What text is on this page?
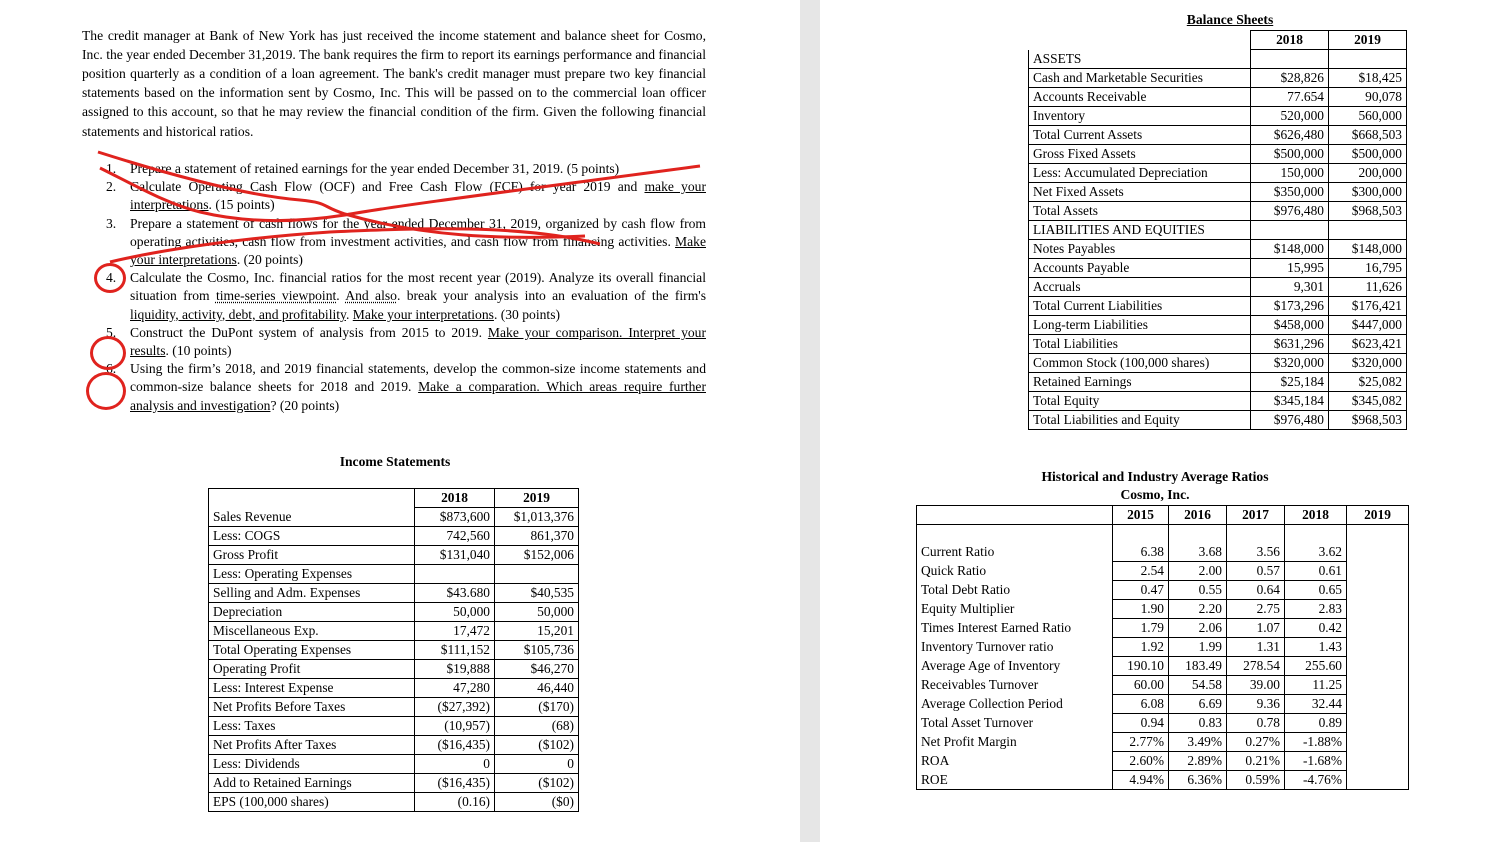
The credit manager at Bank of New York has just received the income statement and balance sheet for Cosmo, Inc. the year ended December 31,2019. The bank requires the firm to report its earnings performance and financial position quarterly as a condition of a loan agreement. The bank's credit manager must prepare two key financial statements based on the information sent by Cosmo, Inc. This will be passed on to the commercial loan officer assigned to this account, so that he may review the financial condition of the firm. Given the following financial statements and historical ratios.

1. Prepare a statement of retained earnings for the year ended December 31, 2019. (5 points)
2. Calculate Operating Cash Flow (OCF) and Free Cash Flow (FCF) for year 2019 and make your interpretations. (15 points)
3. Prepare a statement of cash flows for the year ended December 31, 2019, organized by cash flow from operating activities, cash flow from investment activities, and cash flow from financing activities. Make your interpretations. (20 points)
4. Calculate the Cosmo, Inc. financial ratios for the most recent year (2019). Analyze its overall financial situation from time-series viewpoint. And also. break your analysis into an evaluation of the firm's liquidity, activity, debt, and profitability. Make your interpretations. (30 points)
5. Construct the DuPont system of analysis from 2015 to 2019. Make your comparison. Interpret your results. (10 points)
6. Using the firm’s 2018, and 2019 financial statements, develop the common-size income statements and common-size balance sheets for 2018 and 2019. Make a comparation. Which areas require further analysis and investigation? (20 points)
Income Statements
	2018	2019
Sales Revenue	$873,600	$1,013,376
Less: COGS	742,560	861,370
Gross Profit	$131,040	$152,006
Less: Operating Expenses		
Selling and Adm. Expenses	$43.680	$40,535
Depreciation	50,000	50,000
Miscellaneous Exp.	17,472	15,201
Total Operating Expenses	$111,152	$105,736
Operating Profit	$19,888	$46,270
Less: Interest Expense	47,280	46,440
Net Profits Before Taxes	($27,392)	($170)
Less: Taxes	(10,957)	(68)
Net Profits After Taxes	($16,435)	($102)
Less: Dividends	0	0
Add to Retained Earnings	($16,435)	($102)
EPS (100,000 shares)	(0.16)	($0)
Balance Sheets
	2018	2019
ASSETS		
Cash and Marketable Securities	$28,826	$18,425
Accounts Receivable	77.654	90,078
Inventory	520,000	560,000
Total Current Assets	$626,480	$668,503
Gross Fixed Assets	$500,000	$500,000
Less: Accumulated Depreciation	150,000	200,000
Net Fixed Assets	$350,000	$300,000
Total Assets	$976,480	$968,503
LIABILITIES AND EQUITIES		
Notes Payables	$148,000	$148,000
Accounts Payable	15,995	16,795
Accruals	9,301	11,626
Total Current Liabilities	$173,296	$176,421
Long-term Liabilities	$458,000	$447,000
Total Liabilities	$631,296	$623,421
Common Stock (100,000 shares)	$320,000	$320,000
Retained Earnings	$25,184	$25,082
Total Equity	$345,184	$345,082
Total Liabilities and Equity	$976,480	$968,503
Historical and Industry Average Ratios
Cosmo, Inc.
	2015	2016	2017	2018	2019

Current Ratio	6.38	3.68	3.56	3.62	
Quick Ratio	2.54	2.00	0.57	0.61	
Total Debt Ratio	0.47	0.55	0.64	0.65	
Equity Multiplier	1.90	2.20	2.75	2.83	
Times Interest Earned Ratio	1.79	2.06	1.07	0.42	
Inventory Turnover ratio	1.92	1.99	1.31	1.43	
Average Age of Inventory	190.10	183.49	278.54	255.60	
Receivables Turnover	60.00	54.58	39.00	11.25	
Average Collection Period	6.08	6.69	9.36	32.44	
Total Asset Turnover	0.94	0.83	0.78	0.89	
Net Profit Margin	2.77%	3.49%	0.27%	-1.88%	
ROA	2.60%	2.89%	0.21%	-1.68%	
ROE	4.94%	6.36%	0.59%	-4.76%	
